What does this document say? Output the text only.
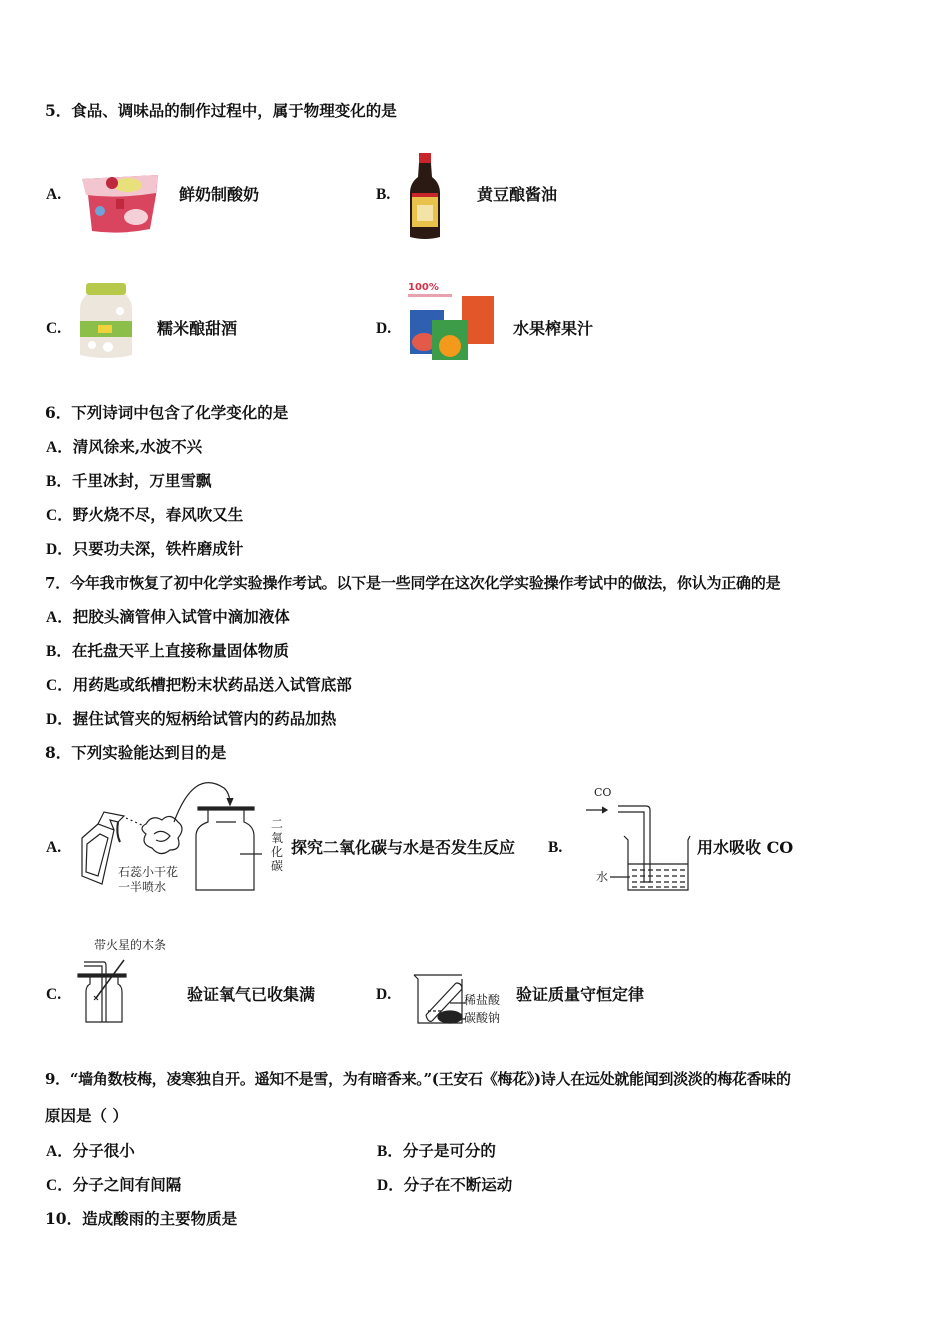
5．食品、调味品的制作过程中，属于物理变化的是
A.	鲜奶制酸奶	B.	黄豆酿酱油
C.	糯米酿甜酒	D.
100%
水果榨果汁
6．下列诗词中包含了化学变化的是
A．清风徐来,水波不兴
B．千里冰封，万里雪飘
C．野火烧不尽，春风吹又生
D．只要功夫深，铁杵磨成针
7．今年我市恢复了初中化学实验操作考试。以下是一些同学在这次化学实验操作考试中的做法，你认为正确的是
A．把胶头滴管伸入试管中滴加液体
B．在托盘天平上直接称量固体物质
C．用药匙或纸槽把粉末状药品送入试管底部
D．握住试管夹的短柄给试管内的药品加热
8．下列实验能达到目的是
A.
石蕊小干花
一半喷水
二
氧
化
碳
探究二氧化碳与水是否发生反应 B.
CO
水
用水吸收 CO
C.
带火星的木条
验证氧气已收集满	D.	稀盐酸
碳酸钠
验证质量守恒定律
9．“墙角数枝梅，凌寒独自开。遥知不是雪，为有暗香来。”(王安石《梅花》)诗人在远处就能闻到淡淡的梅花香味的
原因是（ ）
A．分子很小	B．分子是可分的
C．分子之间有间隔	D．分子在不断运动
10．造成酸雨的主要物质是
